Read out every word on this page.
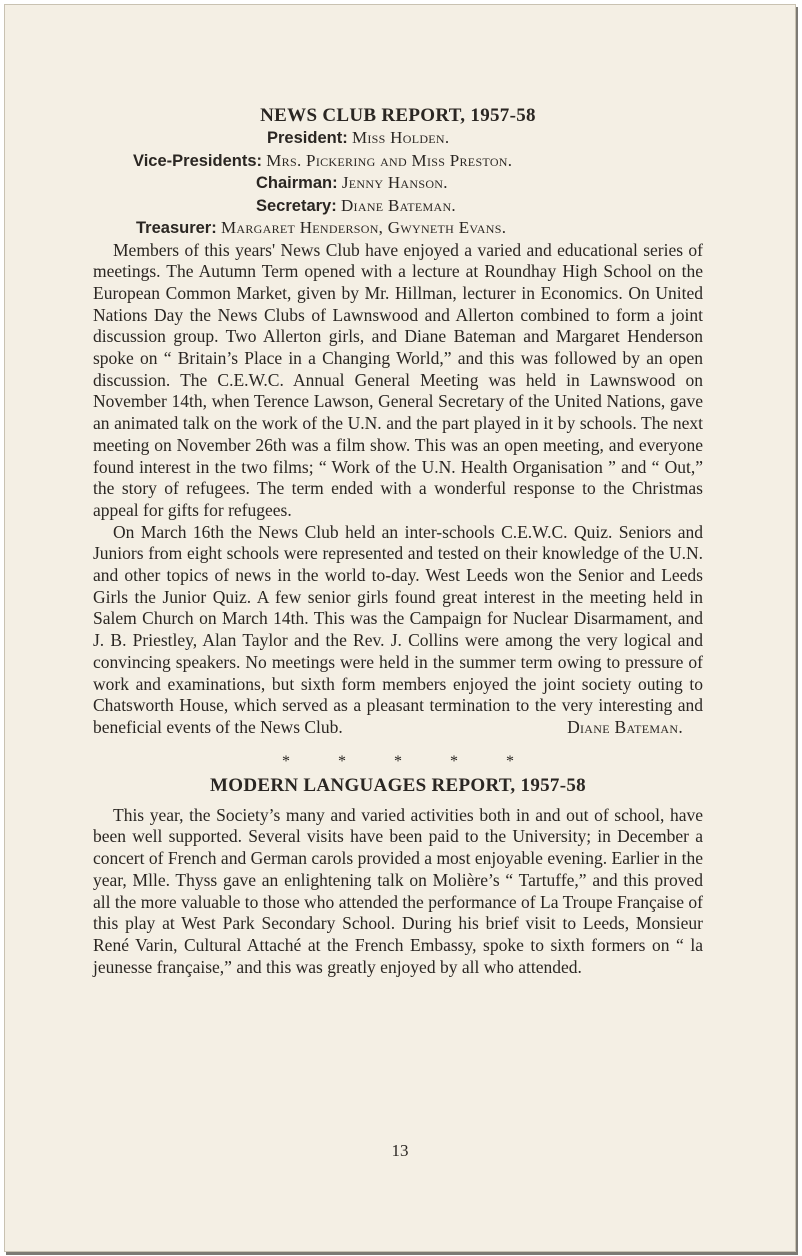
NEWS CLUB REPORT, 1957-58
President: Miss Holden.
Vice-Presidents: Mrs. Pickering and Miss Preston.
Chairman: Jenny Hanson.
Secretary: Diane Bateman.
Treasurer: Margaret Henderson, Gwyneth Evans.

Members of this years' News Club have enjoyed a varied and educational series of meetings. The Autumn Term opened with a lecture at Roundhay High School on the European Common Market, given by Mr. Hillman, lecturer in Economics. On United Nations Day the News Clubs of Lawnswood and Allerton combined to form a joint discussion group. Two Allerton girls, and Diane Bateman and Margaret Henderson spoke on “ Britain’s Place in a Changing World,” and this was followed by an open discussion. The C.E.W.C. Annual General Meeting was held in Lawnswood on November 14th, when Terence Lawson, General Secretary of the United Nations, gave an animated talk on the work of the U.N. and the part played in it by schools. The next meeting on November 26th was a film show. This was an open meeting, and everyone found interest in the two films; “ Work of the U.N. Health Organisation ” and “ Out,” the story of refugees. The term ended with a wonderful response to the Christmas appeal for gifts for refugees.

On March 16th the News Club held an inter-schools C.E.W.C. Quiz. Seniors and Juniors from eight schools were represented and tested on their knowledge of the U.N. and other topics of news in the world to-day. West Leeds won the Senior and Leeds Girls the Junior Quiz. A few senior girls found great interest in the meeting held in Salem Church on March 14th. This was the Campaign for Nuclear Disarmament, and J. B. Priestley, Alan Taylor and the Rev. J. Collins were among the very logical and convincing speakers. No meetings were held in the summer term owing to pressure of work and examinations, but sixth form members enjoyed the joint society outing to Chatsworth House, which served as a pleasant termination to the very interesting and beneficial events of the News Club.	Diane Bateman.
* * * * *
MODERN LANGUAGES REPORT, 1957-58

This year, the Society’s many and varied activities both in and out of school, have been well supported. Several visits have been paid to the University; in December a concert of French and German carols provided a most enjoyable evening. Earlier in the year, Mlle. Thyss gave an enlightening talk on Molière’s “ Tartuffe,” and this proved all the more valuable to those who attended the performance of La Troupe Française of this play at West Park Secondary School. During his brief visit to Leeds, Monsieur René Varin, Cultural Attaché at the French Embassy, spoke to sixth formers on “ la jeunesse française,” and this was greatly enjoyed by all who attended.

13
